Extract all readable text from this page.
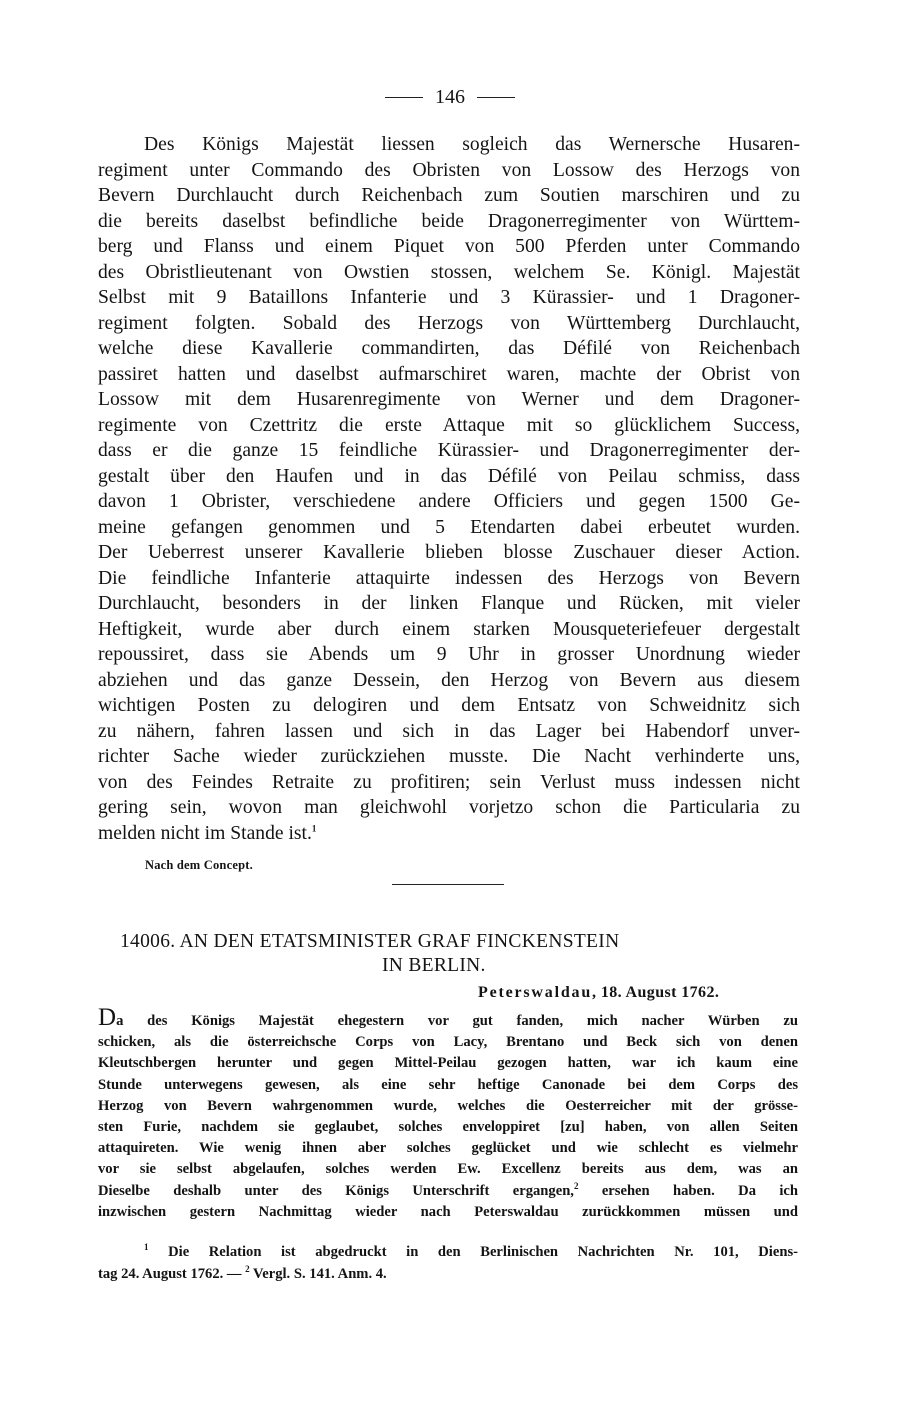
146
Des Königs Majestät liessen sogleich das Wernersche Husaren-
regiment unter Commando des Obristen von Lossow des Herzogs von
Bevern Durchlaucht durch Reichenbach zum Soutien marschiren und zu
die bereits daselbst befindliche beide Dragonerregimenter von Württem-
berg und Flanss und einem Piquet von 500 Pferden unter Commando
des Obristlieutenant von Owstien stossen, welchem Se. Königl. Majestät
Selbst mit 9 Bataillons Infanterie und 3 Kürassier- und 1 Dragoner-
regiment folgten. Sobald des Herzogs von Württemberg Durchlaucht,
welche diese Kavallerie commandirten, das Défilé von Reichenbach
passiret hatten und daselbst aufmarschiret waren, machte der Obrist von
Lossow mit dem Husarenregimente von Werner und dem Dragoner-
regimente von Czettritz die erste Attaque mit so glücklichem Success,
dass er die ganze 15 feindliche Kürassier- und Dragonerregimenter der-
gestalt über den Haufen und in das Défilé von Peilau schmiss, dass
davon 1 Obrister, verschiedene andere Officiers und gegen 1500 Ge-
meine gefangen genommen und 5 Etendarten dabei erbeutet wurden.
Der Ueberrest unserer Kavallerie blieben blosse Zuschauer dieser Action.
Die feindliche Infanterie attaquirte indessen des Herzogs von Bevern
Durchlaucht, besonders in der linken Flanque und Rücken, mit vieler
Heftigkeit, wurde aber durch einem starken Mousqueteriefeuer dergestalt
repoussiret, dass sie Abends um 9 Uhr in grosser Unordnung wieder
abziehen und das ganze Dessein, den Herzog von Bevern aus diesem
wichtigen Posten zu delogiren und dem Entsatz von Schweidnitz sich
zu nähern, fahren lassen und sich in das Lager bei Habendorf unver-
richter Sache wieder zurückziehen musste. Die Nacht verhinderte uns,
von des Feindes Retraite zu profitiren; sein Verlust muss indessen nicht
gering sein, wovon man gleichwohl vorjetzo schon die Particularia zu
melden nicht im Stande ist.$^1$
Nach dem Concept.
14006. AN DEN ETATSMINISTER GRAF FINCKENSTEIN
IN BERLIN.
Peterswaldau, 18. August 1762.
Da des Königs Majestät ehegestern vor gut fanden, mich nacher Würben zu
schicken, als die österreichsche Corps von Lacy, Brentano und Beck sich von denen
Kleutschbergen herunter und gegen Mittel-Peilau gezogen hatten, war ich kaum eine
Stunde unterwegens gewesen, als eine sehr heftige Canonade bei dem Corps des
Herzog von Bevern wahrgenommen wurde, welches die Oesterreicher mit der grösse-
sten Furie, nachdem sie geglaubet, solches enveloppiret [zu] haben, von allen Seiten
attaquireten. Wie wenig ihnen aber solches geglücket und wie schlecht es vielmehr
vor sie selbst abgelaufen, solches werden Ew. Excellenz bereits aus dem, was an
Dieselbe deshalb unter des Königs Unterschrift ergangen,$^2$ ersehen haben. Da ich
inzwischen gestern Nachmittag wieder nach Peterswaldau zurückkommen müssen und
$^1$ Die Relation ist abgedruckt in den Berlinischen Nachrichten Nr. 101, Diens-
tag 24. August 1762. — $^2$ Vergl. S. 141. Anm. 4.
